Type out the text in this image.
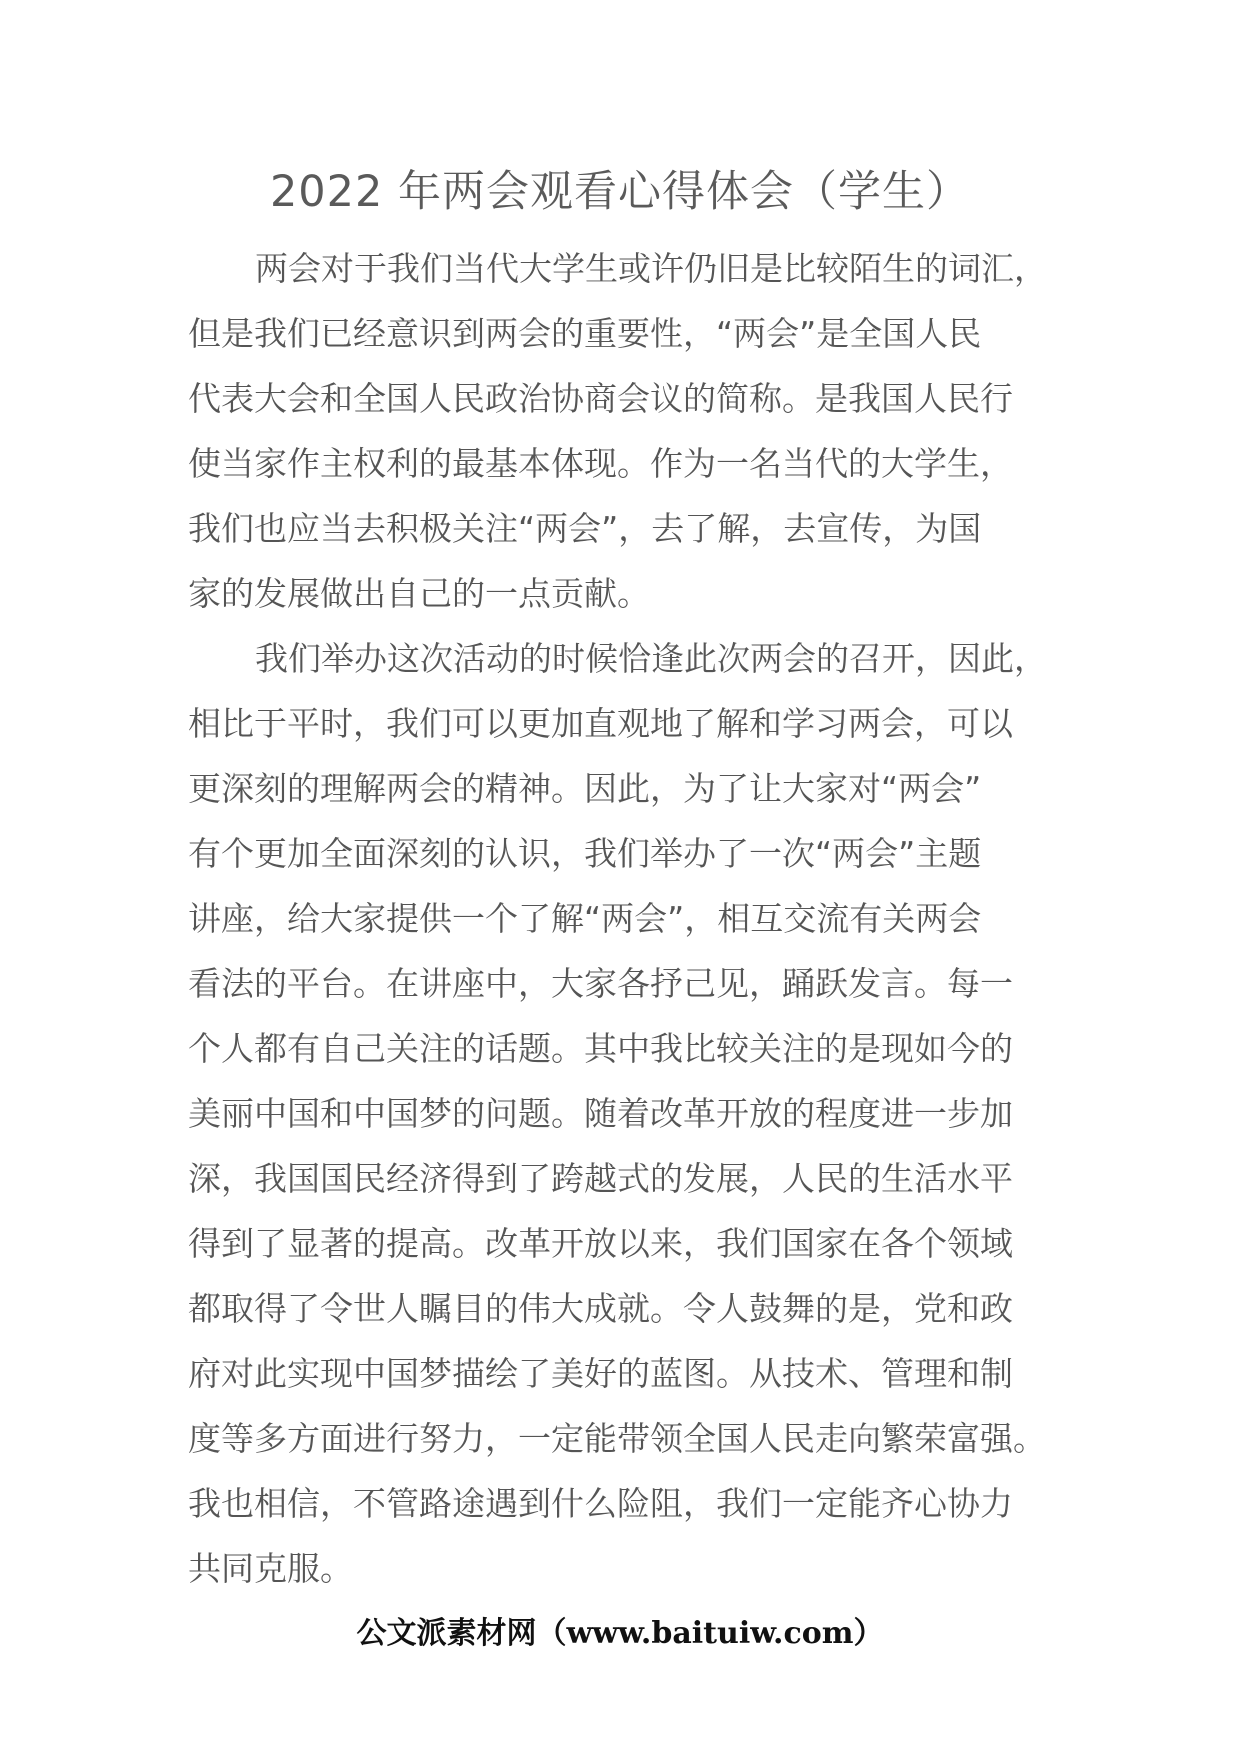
2022 年两会观看心得体会（学生）
两会对于我们当代大学生或许仍旧是比较陌生的词汇，
但是我们已经意识到两会的重要性，“两会”是全国人民
代表大会和全国人民政治协商会议的简称。是我国人民行
使当家作主权利的最基本体现。作为一名当代的大学生，
我们也应当去积极关注“两会”，去了解，去宣传，为国
家的发展做出自己的一点贡献。
我们举办这次活动的时候恰逢此次两会的召开，因此，
相比于平时，我们可以更加直观地了解和学习两会，可以
更深刻的理解两会的精神。因此，为了让大家对“两会”
有个更加全面深刻的认识，我们举办了一次“两会”主题
讲座，给大家提供一个了解“两会”，相互交流有关两会
看法的平台。在讲座中，大家各抒己见，踊跃发言。每一
个人都有自己关注的话题。其中我比较关注的是现如今的
美丽中国和中国梦的问题。随着改革开放的程度进一步加
深，我国国民经济得到了跨越式的发展，人民的生活水平
得到了显著的提高。改革开放以来，我们国家在各个领域
都取得了令世人瞩目的伟大成就。令人鼓舞的是，党和政
府对此实现中国梦描绘了美好的蓝图。从技术、管理和制
度等多方面进行努力，一定能带领全国人民走向繁荣富强。
我也相信，不管路途遇到什么险阻，我们一定能齐心协力
共同克服。
公文派素材网（www.baituiw.com）
